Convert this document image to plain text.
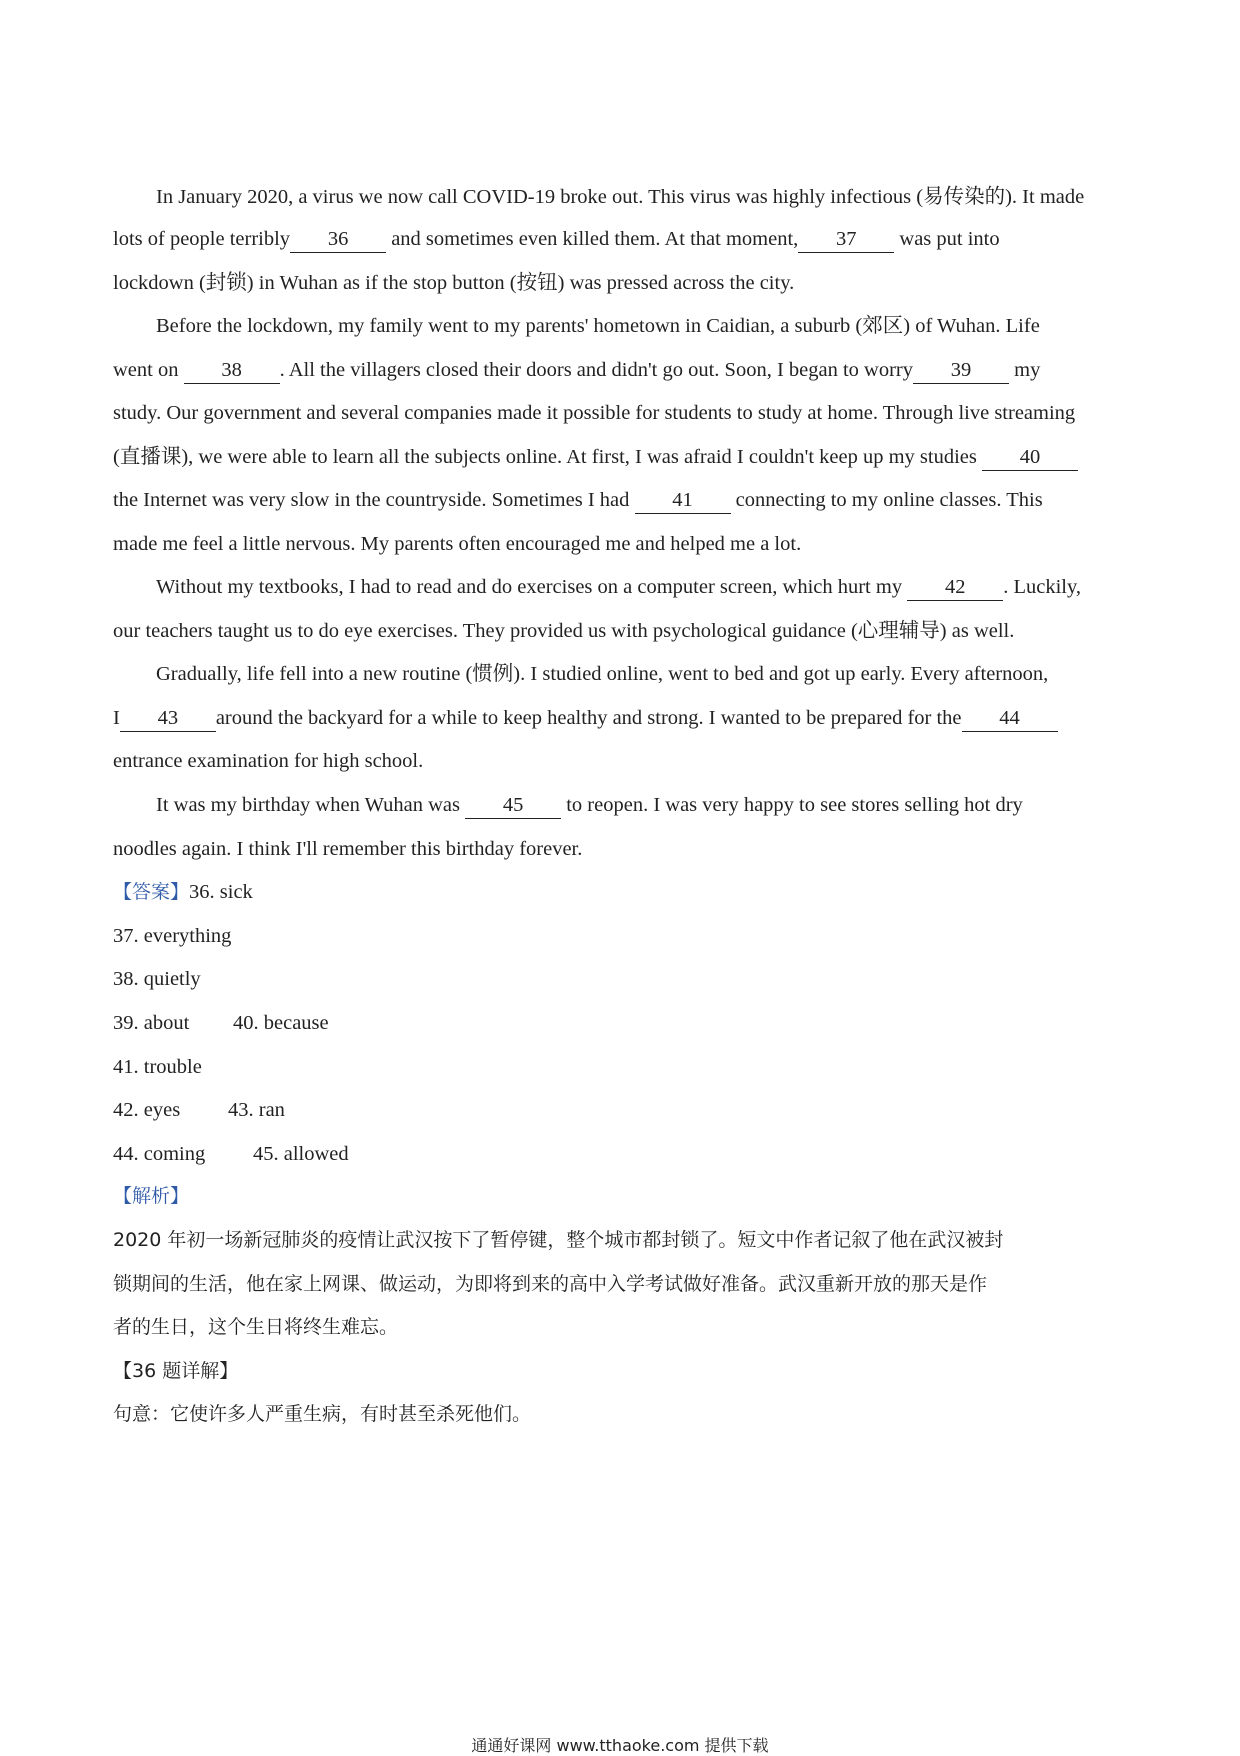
In January 2020, a virus we now call COVID-19 broke out. This virus was highly infectious (易传染的). It made
lots of people terribly 36 and sometimes even killed them. At that moment, 37 was put into
lockdown (封锁) in Wuhan as if the stop button (按钮) was pressed across the city.
Before the lockdown, my family went to my parents' hometown in Caidian, a suburb (郊区) of Wuhan. Life
went on 38 . All the villagers closed their doors and didn't go out. Soon, I began to worry 39 my
study. Our government and several companies made it possible for students to study at home. Through live streaming
(直播课), we were able to learn all the subjects online. At first, I was afraid I couldn't keep up my studies 40
the Internet was very slow in the countryside. Sometimes I had 41 connecting to my online classes. This
made me feel a little nervous. My parents often encouraged me and helped me a lot.
Without my textbooks, I had to read and do exercises on a computer screen, which hurt my 42 . Luckily,
our teachers taught us to do eye exercises. They provided us with psychological guidance (心理辅导) as well.
Gradually, life fell into a new routine (惯例). I studied online, went to bed and got up early. Every afternoon,
I 43 around the backyard for a while to keep healthy and strong. I wanted to be prepared for the 44
entrance examination for high school.
It was my birthday when Wuhan was 45 to reopen. I was very happy to see stores selling hot dry
noodles again. I think I'll remember this birthday forever.
【答案】36. sick
37. everything
38. quietly
39. about 40. because
41. trouble
42. eyes 43. ran
44. coming 45. allowed
【解析】
2020 年初一场新冠肺炎的疫情让武汉按下了暂停键，整个城市都封锁了。短文中作者记叙了他在武汉被封
锁期间的生活，他在家上网课、做运动，为即将到来的高中入学考试做好准备。武汉重新开放的那天是作
者的生日，这个生日将终生难忘。
【36 题详解】
句意：它使许多人严重生病，有时甚至杀死他们。
通通好课网 www.tthaoke.com 提供下载
